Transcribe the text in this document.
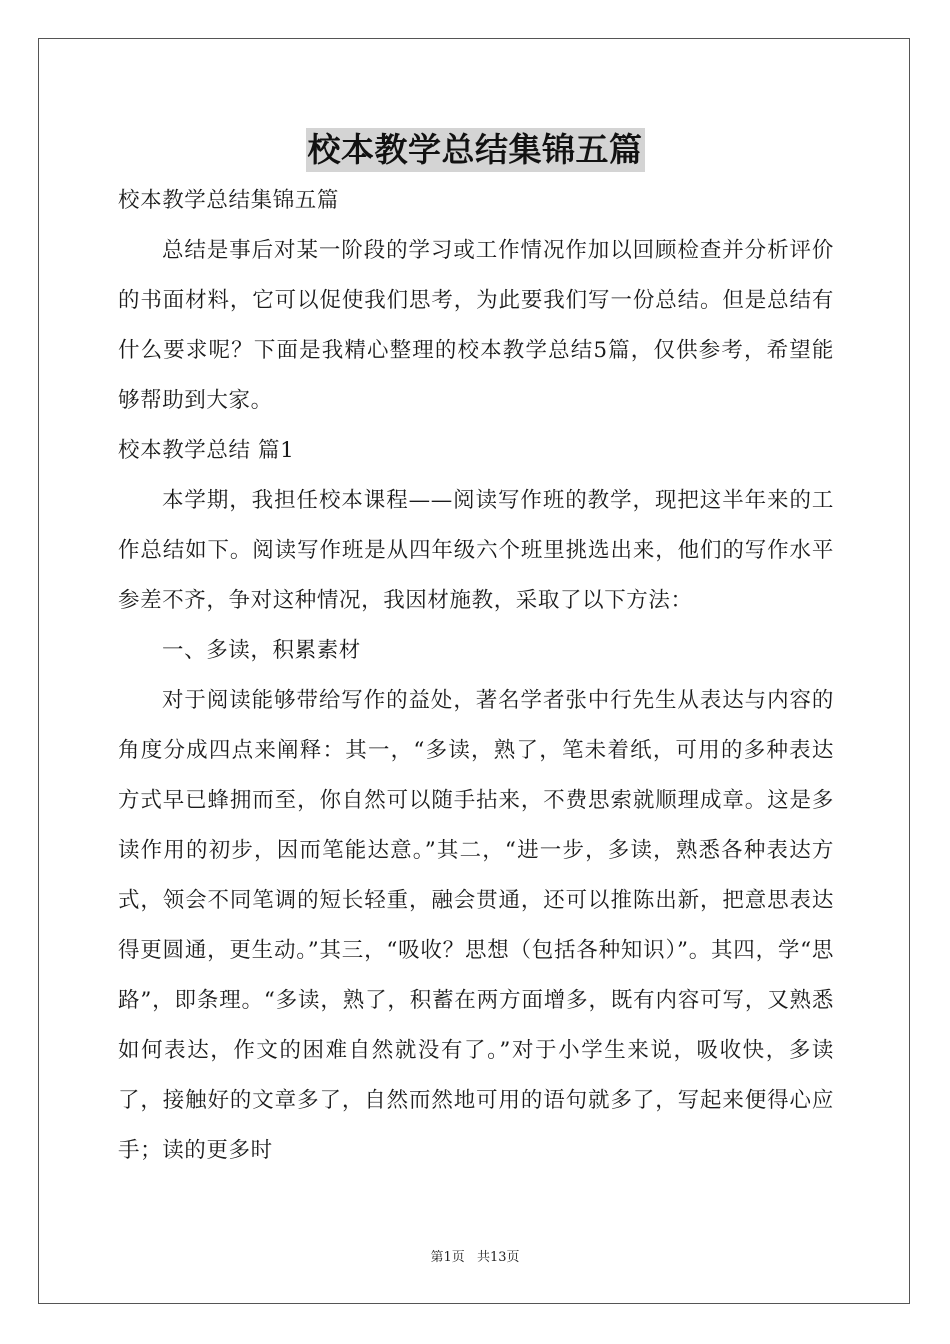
校本教学总结集锦五篇

校本教学总结集锦五篇

总结是事后对某一阶段的学习或工作情况作加以回顾检查并分析评价的书面材料，它可以促使我们思考，为此要我们写一份总结。但是总结有什么要求呢？下面是我精心整理的校本教学总结5篇，仅供参考，希望能够帮助到大家。

校本教学总结 篇1

本学期，我担任校本课程——阅读写作班的教学，现把这半年来的工作总结如下。阅读写作班是从四年级六个班里挑选出来，他们的写作水平参差不齐，争对这种情况，我因材施教，采取了以下方法：

一、多读，积累素材

对于阅读能够带给写作的益处，著名学者张中行先生从表达与内容的角度分成四点来阐释：其一，“多读，熟了，笔未着纸，可用的多种表达方式早已蜂拥而至，你自然可以随手拈来，不费思索就顺理成章。这是多读作用的初步，因而笔能达意。”其二，“进一步，多读，熟悉各种表达方式，领会不同笔调的短长轻重，融会贯通，还可以推陈出新，把意思表达得更圆通，更生动。”其三，“吸收？思想（包括各种知识）”。其四，学“思路”，即条理。“多读，熟了，积蓄在两方面增多，既有内容可写，又熟悉如何表达，作文的困难自然就没有了。”对于小学生来说，吸收快，多读了，接触好的文章多了，自然而然地可用的语句就多了，写起来便得心应手；读的更多时

第1页 共13页
